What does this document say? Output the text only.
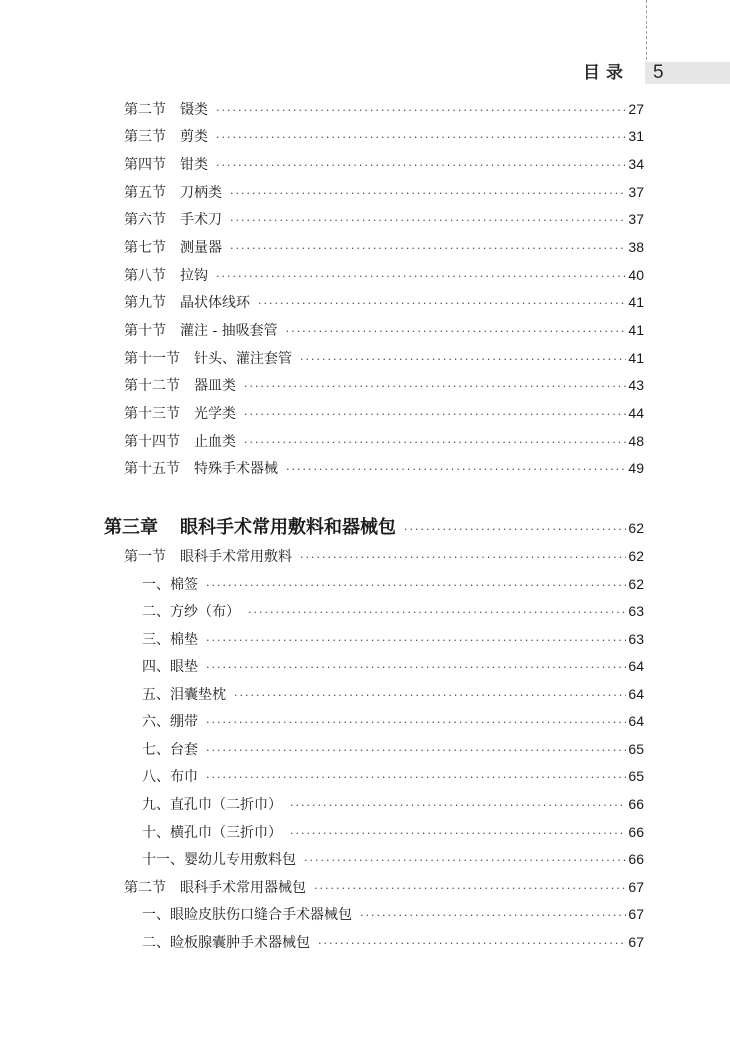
目录 5
第二节 镊类 ·····	27
第三节 剪类 ·····	31
第四节 钳类 ·····	34
第五节 刀柄类 ·····	37
第六节 手术刀 ·····	37
第七节 测量器 ·····	38
第八节 拉钩 ·····	40
第九节 晶状体线环 ·····	41
第十节 灌注 - 抽吸套管 ·····	41
第十一节 针头、灌注套管 ·····	41
第十二节 器皿类 ·····	43
第十三节 光学类 ·····	44
第十四节 止血类 ·····	48
第十五节 特殊手术器械 ·····	49
第三章 眼科手术常用敷料和器械包 ·····	62
第一节 眼科手术常用敷料 ·····	62
一、棉签 ·····	62
二、方纱（布） ·····	63
三、棉垫 ·····	63
四、眼垫 ·····	64
五、泪囊垫枕 ·····	64
六、绷带 ·····	64
七、台套 ·····	65
八、布巾 ·····	65
九、直孔巾（二折巾） ·····	66
十、横孔巾（三折巾） ·····	66
十一、婴幼儿专用敷料包 ·····	66
第二节 眼科手术常用器械包 ·····	67
一、眼睑皮肤伤口缝合手术器械包 ·····	67
二、睑板腺囊肿手术器械包 ·····	67
